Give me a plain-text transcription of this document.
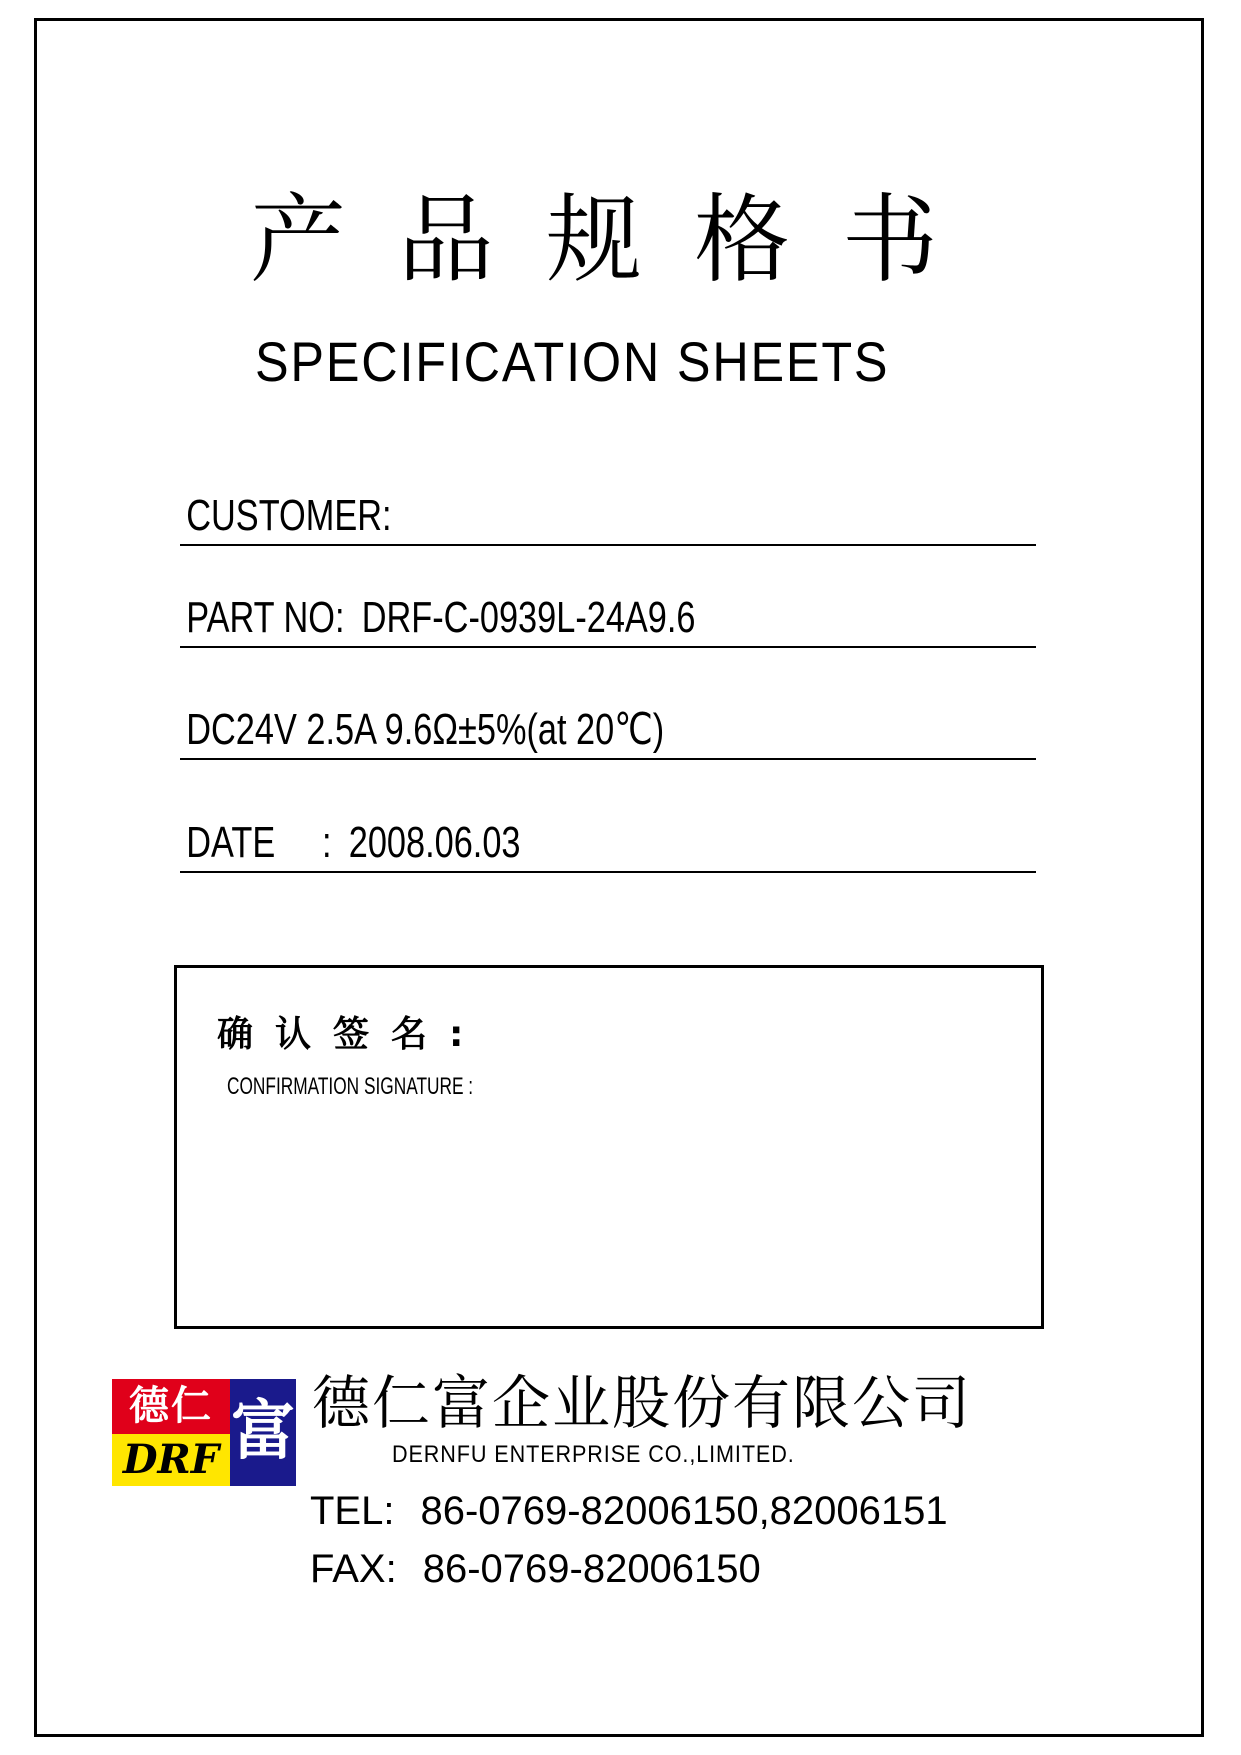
产品规格书
SPECIFICATION SHEETS
CUSTOMER:
PART NO: DRF-C-0939L-24A9.6
DC24V 2.5A 9.6Ω±5%(at 20℃)
DATE : 2008.06.03
确认签名:
CONFIRMATION SIGNATURE :
德仁
DRF 富 德仁富企业股份有限公司
DERNFU ENTERPRISE CO.,LIMITED.
TEL: 86-0769-82006150,82006151
FAX: 86-0769-82006150
